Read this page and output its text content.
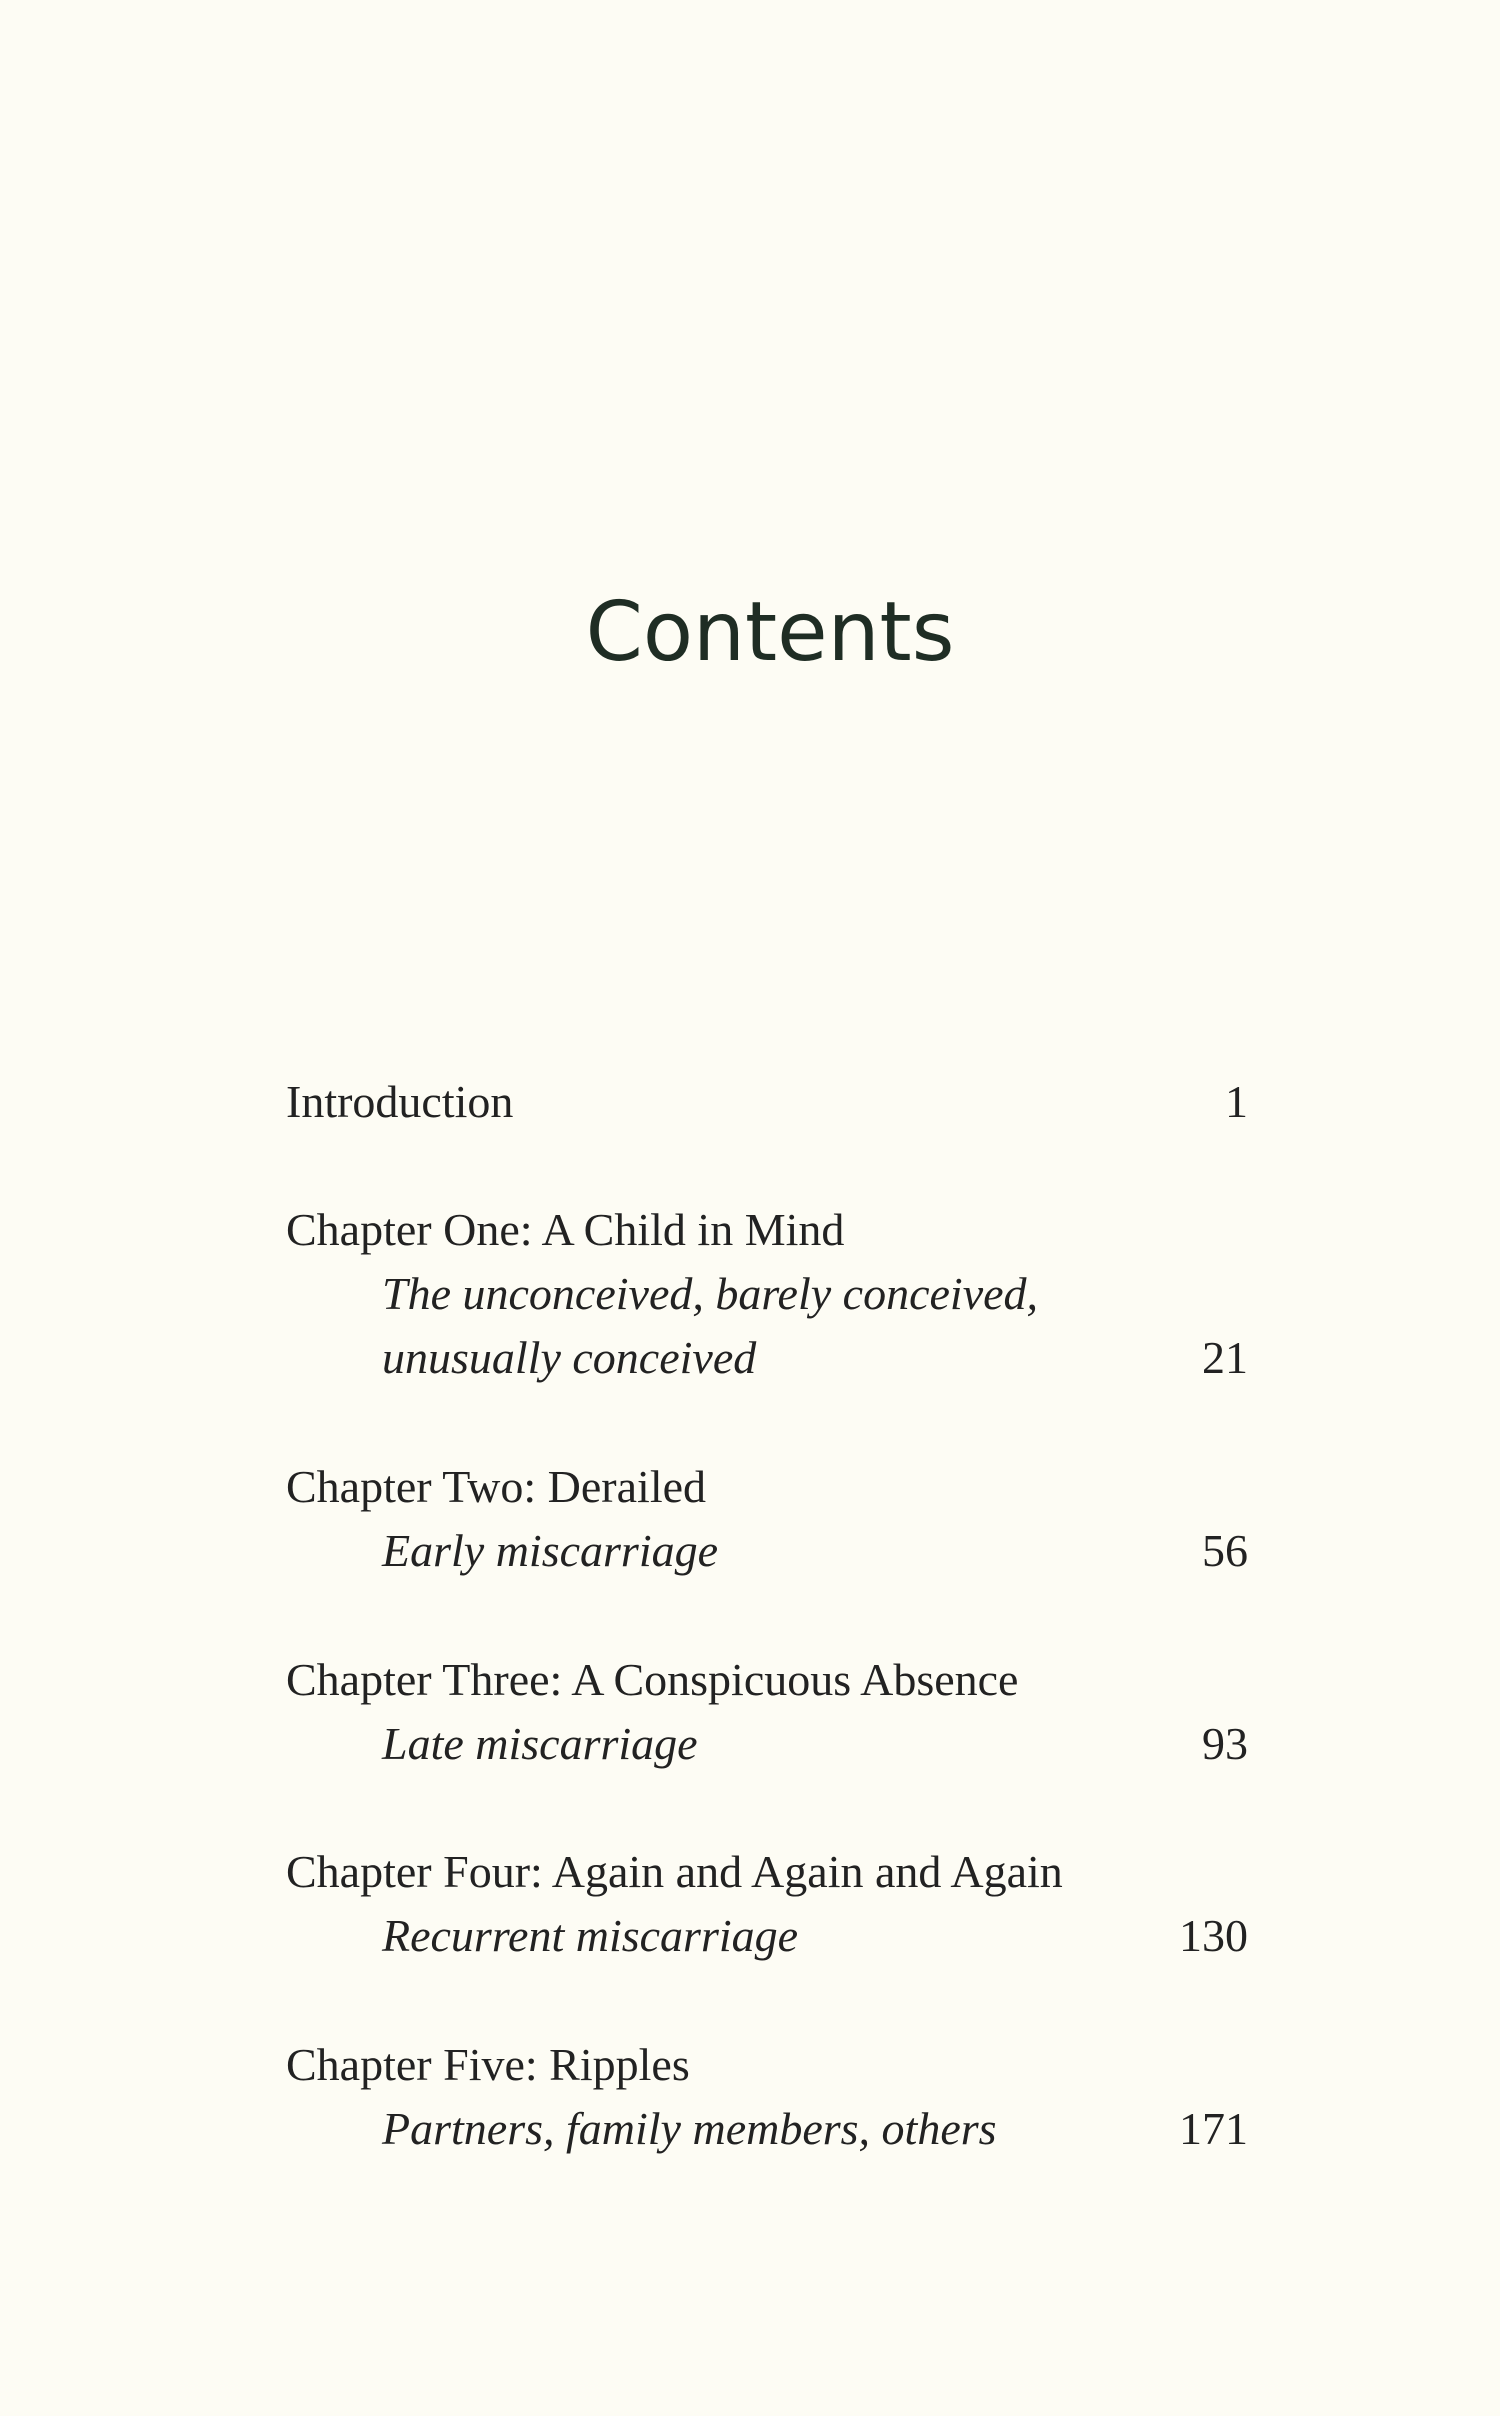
Contents
Introduction	1
Chapter One: A Child in Mind
The unconceived, barely conceived,
unusually conceived	21
Chapter Two: Derailed
Early miscarriage	56
Chapter Three: A Conspicuous Absence
Late miscarriage	93
Chapter Four: Again and Again and Again
Recurrent miscarriage	130
Chapter Five: Ripples
Partners, family members, others	171
